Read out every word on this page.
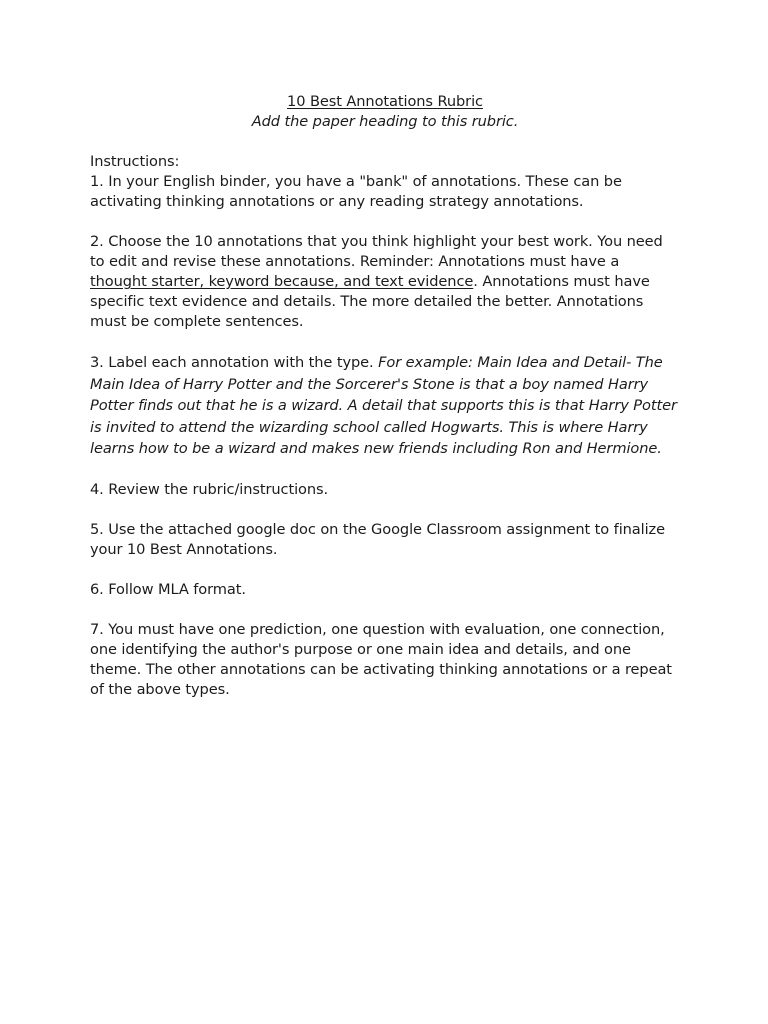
10 Best Annotations Rubric
Add the paper heading to this rubric.
Instructions:

1. In your English binder, you have a "bank" of annotations. These can be activating thinking annotations or any reading strategy annotations.

2. Choose the 10 annotations that you think highlight your best work. You need to edit and revise these annotations. Reminder: Annotations must have a thought starter, keyword because, and text evidence. Annotations must have specific text evidence and details. The more detailed the better. Annotations must be complete sentences.

3. Label each annotation with the type. For example: Main Idea and Detail- The Main Idea of Harry Potter and the Sorcerer's Stone is that a boy named Harry Potter finds out that he is a wizard. A detail that supports this is that Harry Potter is invited to attend the wizarding school called Hogwarts. This is where Harry learns how to be a wizard and makes new friends including Ron and Hermione.

4. Review the rubric/instructions.

5. Use the attached google doc on the Google Classroom assignment to finalize your 10 Best Annotations.

6. Follow MLA format.

7. You must have one prediction, one question with evaluation, one connection, one identifying the author's purpose or one main idea and details, and one theme. The other annotations can be activating thinking annotations or a repeat of the above types.
